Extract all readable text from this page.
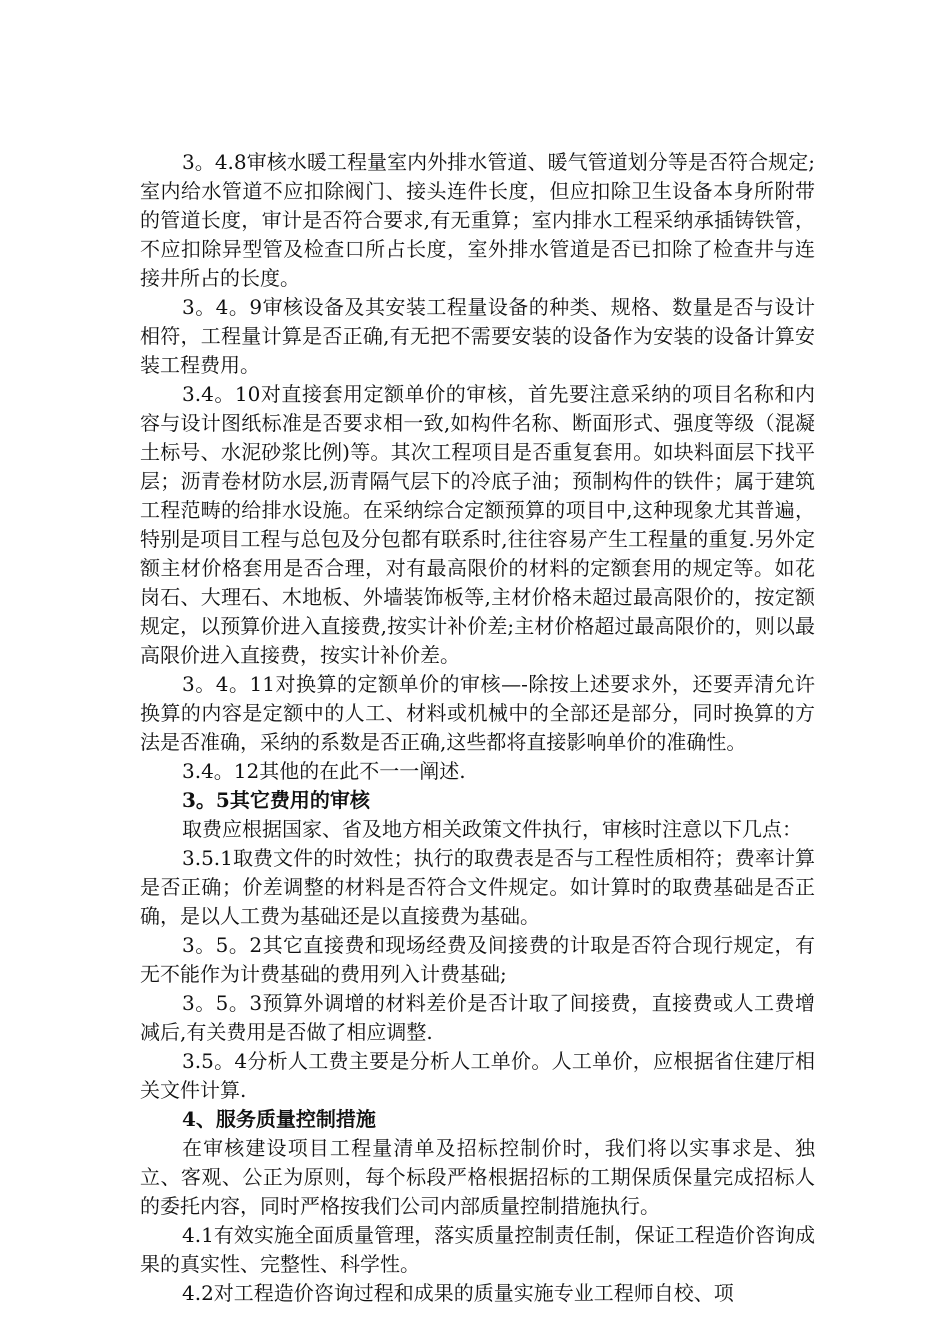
3。4.8审核水暖工程量室内外排水管道、暖气管道划分等是否符合规定;室内给水管道不应扣除阀门、接头连件长度，但应扣除卫生设备本身所附带的管道长度，审计是否符合要求,有无重算；室内排水工程采纳承插铸铁管，不应扣除异型管及检查口所占长度，室外排水管道是否已扣除了检查井与连接井所占的长度。

3。4。9审核设备及其安装工程量设备的种类、规格、数量是否与设计相符，工程量计算是否正确,有无把不需要安装的设备作为安装的设备计算安装工程费用。

3.4。10对直接套用定额单价的审核，首先要注意采纳的项目名称和内容与设计图纸标准是否要求相一致,如构件名称、断面形式、强度等级（混凝土标号、水泥砂浆比例)等。其次工程项目是否重复套用。如块料面层下找平层；沥青卷材防水层,沥青隔气层下的冷底子油；预制构件的铁件；属于建筑工程范畴的给排水设施。在采纳综合定额预算的项目中,这种现象尤其普遍，特别是项目工程与总包及分包都有联系时,往往容易产生工程量的重复.另外定额主材价格套用是否合理，对有最高限价的材料的定额套用的规定等。如花岗石、大理石、木地板、外墙装饰板等,主材价格未超过最高限价的，按定额规定，以预算价进入直接费,按实计补价差;主材价格超过最高限价的，则以最高限价进入直接费，按实计补价差。

3。4。11对换算的定额单价的审核—-除按上述要求外，还要弄清允许换算的内容是定额中的人工、材料或机械中的全部还是部分，同时换算的方法是否准确，采纳的系数是否正确,这些都将直接影响单价的准确性。

3.4。12其他的在此不一一阐述.

3。5其它费用的审核

取费应根据国家、省及地方相关政策文件执行，审核时注意以下几点：

3.5.1取费文件的时效性；执行的取费表是否与工程性质相符；费率计算是否正确；价差调整的材料是否符合文件规定。如计算时的取费基础是否正确，是以人工费为基础还是以直接费为基础。

3。5。2其它直接费和现场经费及间接费的计取是否符合现行规定，有无不能作为计费基础的费用列入计费基础;

3。5。3预算外调增的材料差价是否计取了间接费，直接费或人工费增减后,有关费用是否做了相应调整.

3.5。4分析人工费主要是分析人工单价。人工单价，应根据省住建厅相关文件计算.

4、服务质量控制措施

在审核建设项目工程量清单及招标控制价时，我们将以实事求是、独立、客观、公正为原则，每个标段严格根据招标的工期保质保量完成招标人的委托内容，同时严格按我们公司内部质量控制措施执行。

4.1有效实施全面质量管理，落实质量控制责任制，保证工程造价咨询成果的真实性、完整性、科学性。

4.2对工程造价咨询过程和成果的质量实施专业工程师自校、项
